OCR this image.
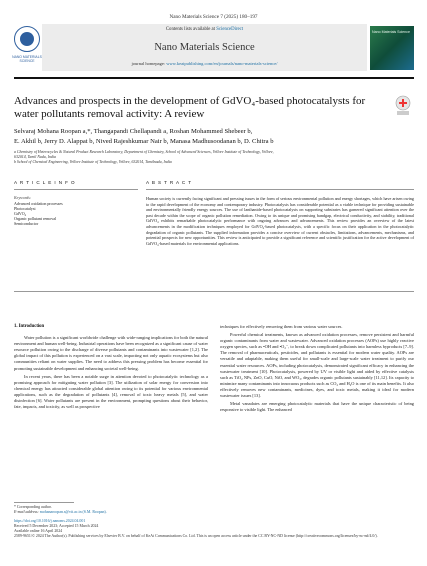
Nano Materials Science 7 (2025) 180–197
NANO MATERIALS SCIENCE
Contents lists available at ScienceDirect
Nano Materials Science
journal homepage: www.keaipublishing.com/en/journals/nano-materials-science/
Nano Materials Science
Advances and prospects in the development of GdVO₄-based photocatalysts for water pollutants removal activity: A review
Selvaraj Mohana Roopan a,*, Thangapandi Chellapandi a, Roshan Mohammed Shebeer b,
E. Akhil b, Jerry D. Alappat b, Nived Rajeshkumar Nair b, Manasa Madhusoodanan b, D. Chitra b
a Chemistry of Heterocycles & Natural Product Research Laboratory, Department of Chemistry, School of Advanced Sciences, Vellore Institute of Technology, Vellore,
632014, Tamil Nadu, India
b School of Chemical Engineering, Vellore Institute of Technology, Vellore, 632014, Tamilnadu, India
A R T I C L E I N F O
Keywords:
Advanced oxidation processes
Photocatalyst
GdVO₄
Organic pollutant removal
Semiconductor
A B S T R A C T
Human society is currently facing significant and pressing issues in the form of serious environmental pollution and energy shortages, which have arisen owing to the rapid development of the economy and contemporary industry. Photocatalysis has considerable potential as a viable technique for providing sustainable and environmentally friendly energy sources. The use of lanthanide-based photocatalysts on supporting substrates has garnered significant attention over the past decade within the scope of organic pollution remediation. Owing to its unique and promising bandgap, electrical conductivity, and stability, traditional GdVO₄ exhibits remarkable photocatalytic performance with ongoing advances and advancements. This review provides an overview of the latest advancements in the modification techniques employed for GdVO₄-based photocatalysts, with a specific focus on their application in the photocatalytic degradation of organic pollutants. The supplied information provides a concise overview of current obstacles, limitations, advancements, mechanisms, and potential prospects for new opportunities. This review is anticipated to provide a significant reference and scientific justification for the active development of GdVO₄-based materials for environmental applications.
1. Introduction

Water pollution is a significant worldwide challenge with wide-ranging implications for both the natural environment and human well-being. Industrial operations have been recognized as a significant cause of water resource pollution owing to the discharge of diverse pollutants and contaminants into wastewater [1,2]. The global impact of this pollution is experienced on a vast scale, impacting not only aquatic ecosystems but also communities reliant on water supplies. The need to address this pressing problem has become essential for promoting sustainable development and enhancing societal well-being.

In recent years, there has been a notable surge in attention devoted to photocatalytic technology as a promising approach for mitigating water pollution [3]. The utilization of solar energy for conversion into chemical energy has attracted considerable global attention owing to its potential for various environmental applications, such as the degradation of pollutants [4], removal of toxic heavy metals [5], and water disinfection [6]. Water pollutants are present in the environment, prompting questions about their behavior, fate, impacts, and toxicity, as well as prospective

techniques for effectively removing them from various water sources.

Powerful chemical treatments, known as advanced oxidation processes, remove persistent and harmful organic contaminants from water and wastewater. Advanced oxidation processes (AOPs) use highly reactive oxygen species, such as •OH and •O₂⁻, to break down complicated pollutants into harmless byproducts [7–9]. The removal of pharmaceuticals, pesticides, and pollutants is essential for modern water quality. AOPs are versatile and adaptable, making them useful for small-scale and large-scale water treatment to purify our essential water resources. AOPs, including photocatalysis, demonstrated significant efficacy in enhancing the wastewater treatment [10]. Photocatalysis, powered by UV or visible light and aided by effective catalysts such as TiO₂ NPs, ZnO, CuO, NiO, and WO₃, degrades organic pollutants sustainably [11,12]. Its capacity to minimize many contaminants into innocuous products such as CO₂ and H₂O is one of its main benefits. It also effectively removes new contaminants, medicines, dyes, and toxic metals, making it ideal for modern wastewater issues [13].

Metal vanadates are emerging photocatalytic materials that have the unique characteristic of being responsive to visible light. The enhanced

* Corresponding author.
E-mail address: mohanaroopan.s@vit.ac.in (S.M. Roopan).
https://doi.org/10.1016/j.nanoms.2024.04.001
Received 5 December 2023; Accepted 15 March 2024
Available online 16 April 2024
2589-9651/© 2024 The Author(s). Publishing services by Elsevier B.V. on behalf of KeAi Communications Co. Ltd. This is an open access article under the CC BY-NC-ND license (http://creativecommons.org/licenses/by-nc-nd/4.0/).
